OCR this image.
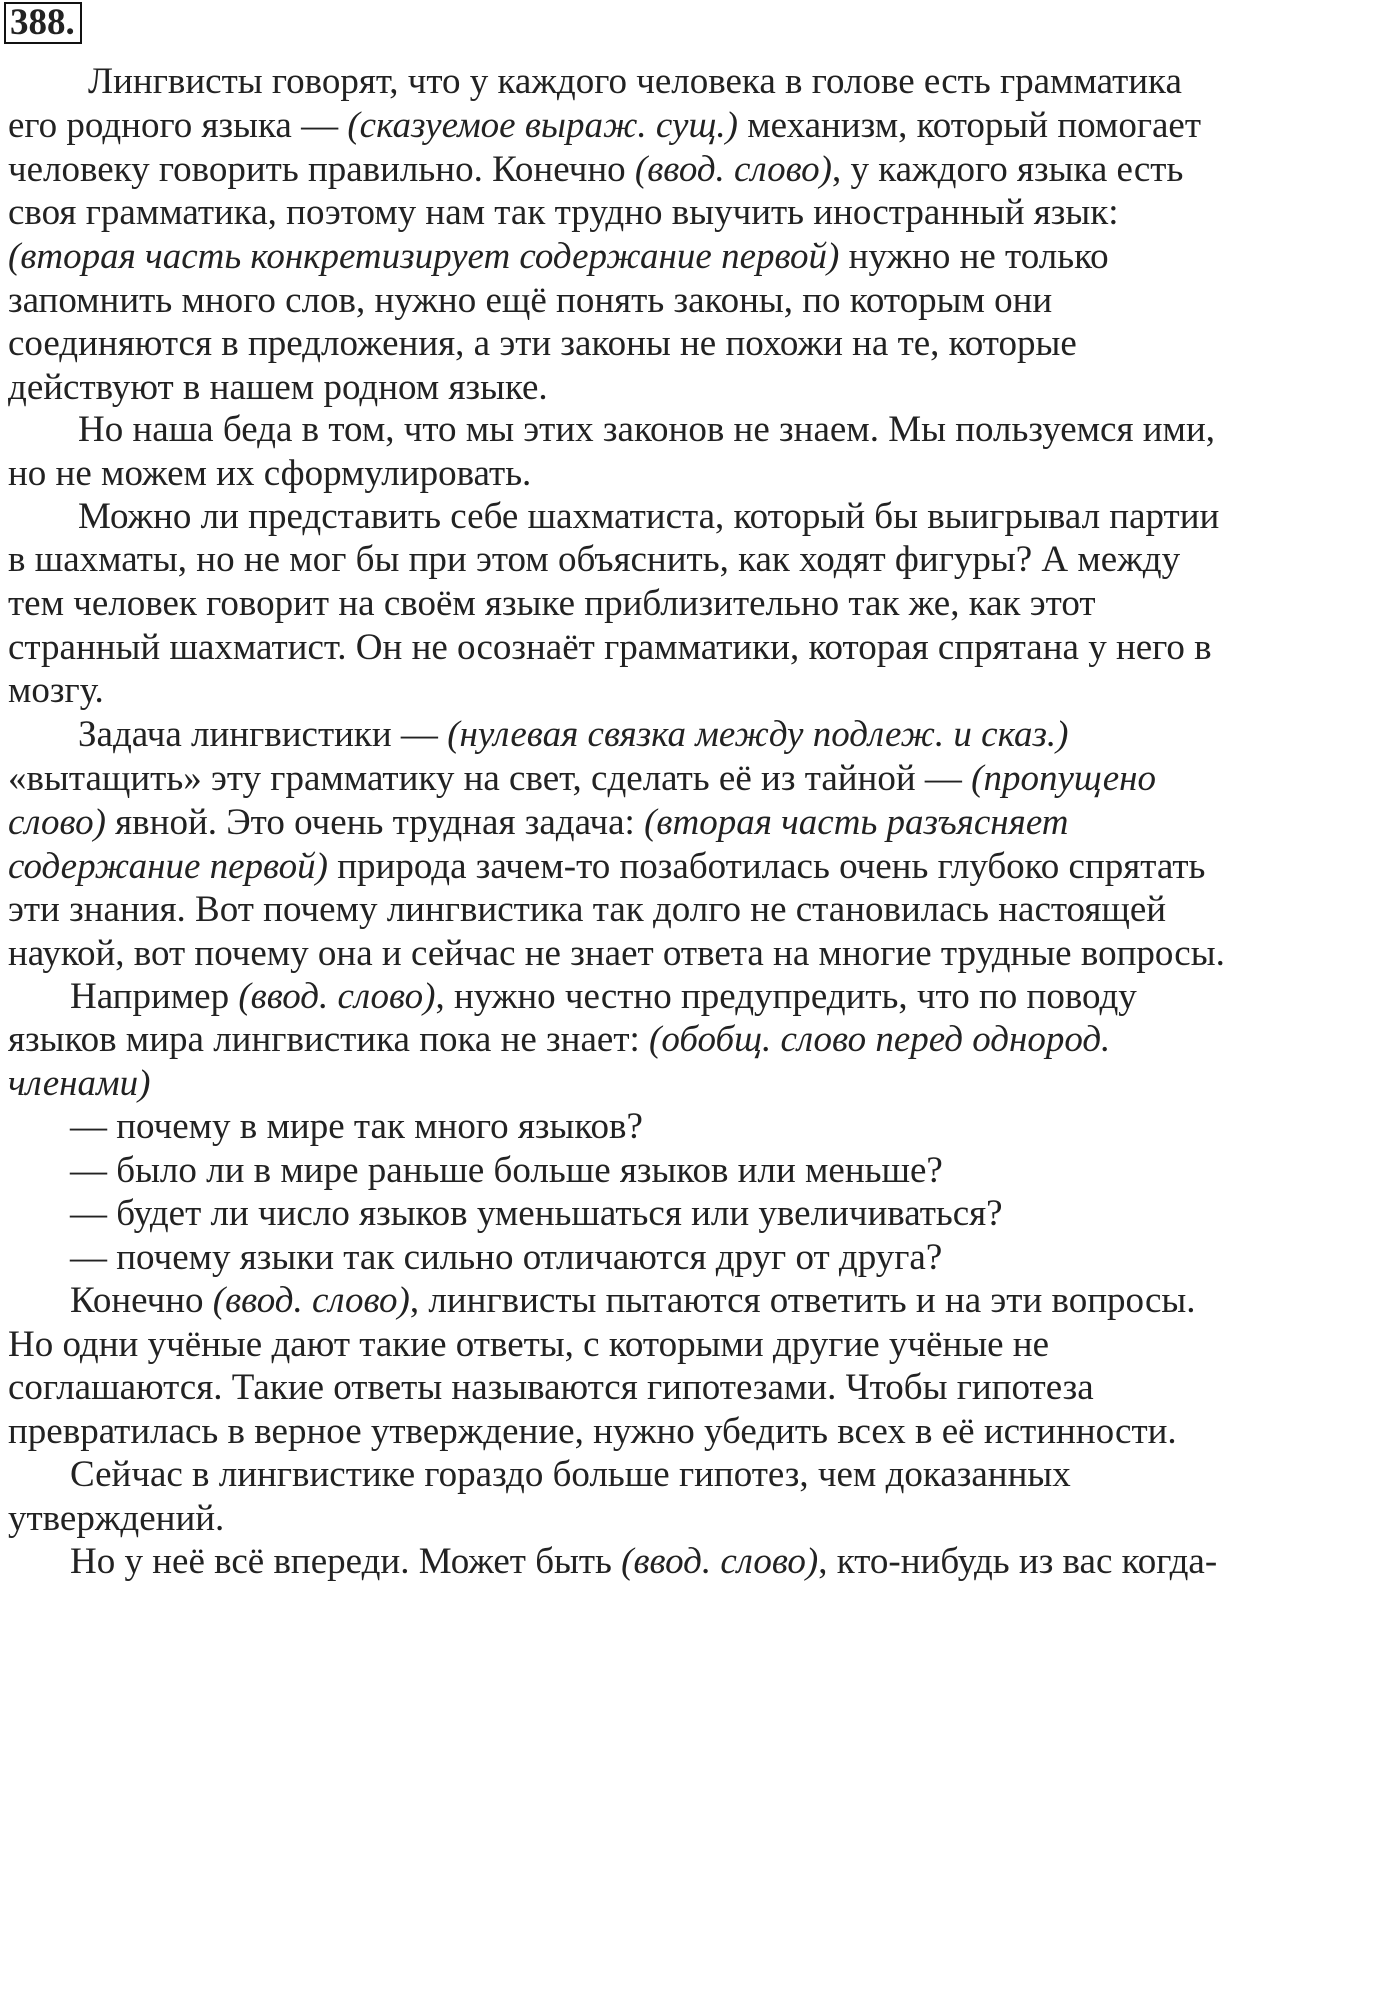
388.
Лингвисты говорят, что у каждого человека в голове есть грамматика
его родного языка — (сказуемое выраж. сущ.) механизм, который помогает
человеку говорить правильно. Конечно (ввод. слово), у каждого языка есть
своя грамматика, поэтому нам так трудно выучить иностранный язык:
(вторая часть конкретизирует содержание первой) нужно не только
запомнить много слов, нужно ещё понять законы, по которым они
соединяются в предложения, а эти законы не похожи на те, которые
действуют в нашем родном языке.
Но наша беда в том, что мы этих законов не знаем. Мы пользуемся ими,
но не можем их сформулировать.
Можно ли представить себе шахматиста, который бы выигрывал партии
в шахматы, но не мог бы при этом объяснить, как ходят фигуры? А между
тем человек говорит на своём языке приблизительно так же, как этот
странный шахматист. Он не осознаёт грамматики, которая спрятана у него в
мозгу.
Задача лингвистики — (нулевая связка между подлеж. и сказ.)
«вытащить» эту грамматику на свет, сделать её из тайной — (пропущено
слово) явной. Это очень трудная задача: (вторая часть разъясняет
содержание первой) природа зачем-то позаботилась очень глубоко спрятать
эти знания. Вот почему лингвистика так долго не становилась настоящей
наукой, вот почему она и сейчас не знает ответа на многие трудные вопросы.
Например (ввод. слово), нужно честно предупредить, что по поводу
языков мира лингвистика пока не знает: (обобщ. слово перед однород.
членами)
— почему в мире так много языков?
— было ли в мире раньше больше языков или меньше?
— будет ли число языков уменьшаться или увеличиваться?
— почему языки так сильно отличаются друг от друга?
Конечно (ввод. слово), лингвисты пытаются ответить и на эти вопросы.
Но одни учёные дают такие ответы, с которыми другие учёные не
соглашаются. Такие ответы называются гипотезами. Чтобы гипотеза
превратилась в верное утверждение, нужно убедить всех в её истинности.
Сейчас в лингвистике гораздо больше гипотез, чем доказанных
утверждений.
Но у неё всё впереди. Может быть (ввод. слово), кто-нибудь из вас когда-
